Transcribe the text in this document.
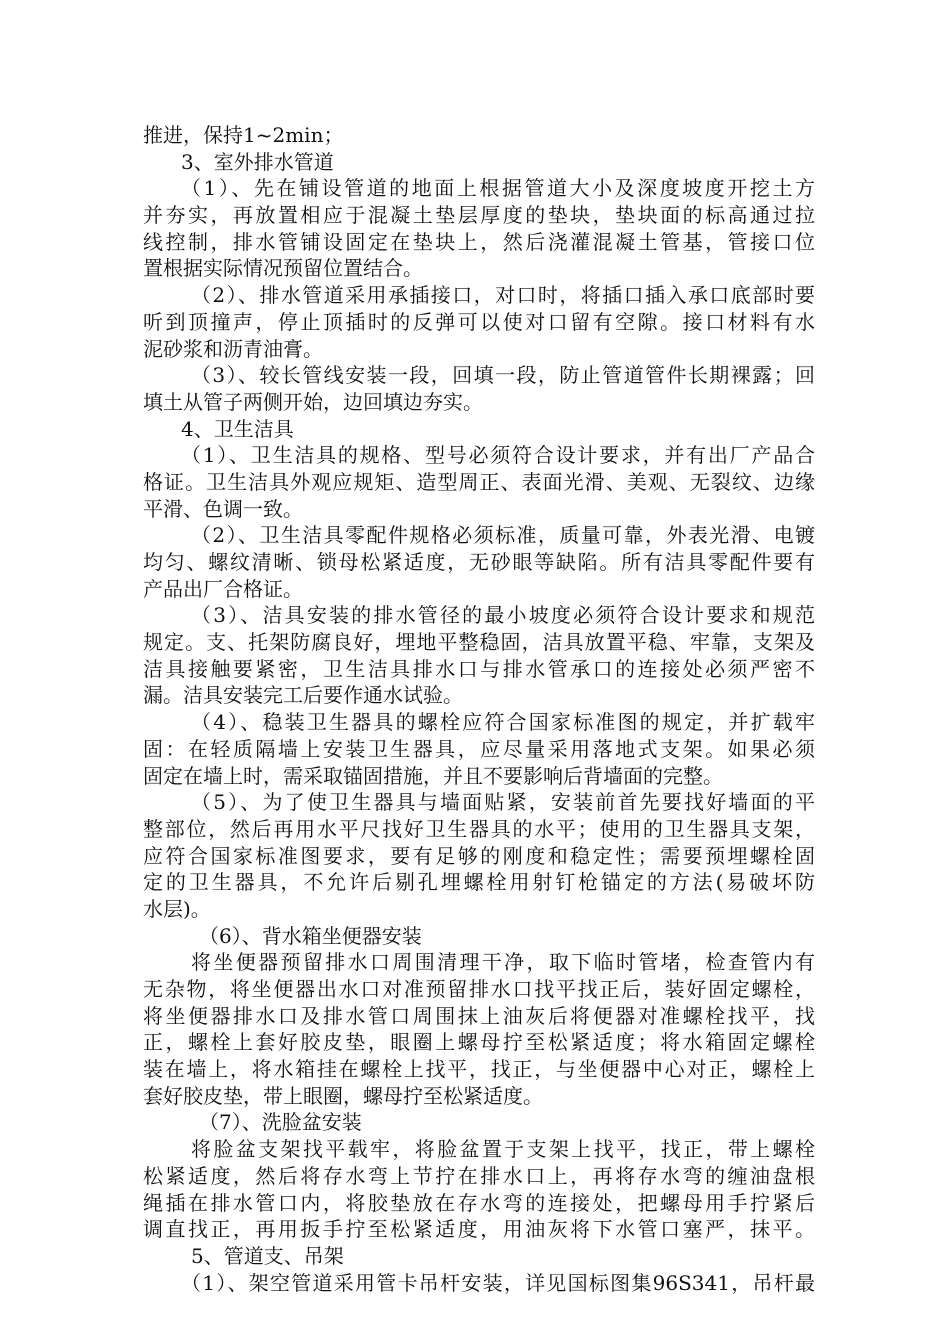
推进，保持1~2min；
3、室外排水管道
（1）、先在铺设管道的地面上根据管道大小及深度坡度开挖土方
并夯实，再放置相应于混凝土垫层厚度的垫块，垫块面的标高通过拉
线控制，排水管铺设固定在垫块上，然后浇灌混凝土管基，管接口位
置根据实际情况预留位置结合。
（2）、排水管道采用承插接口，对口时，将插口插入承口底部时要
听到顶撞声，停止顶插时的反弹可以使对口留有空隙。接口材料有水
泥砂浆和沥青油膏。
（3）、较长管线安装一段，回填一段，防止管道管件长期裸露；回
填土从管子两侧开始，边回填边夯实。
4、卫生洁具
（1）、卫生洁具的规格、型号必须符合设计要求，并有出厂产品合
格证。卫生洁具外观应规矩、造型周正、表面光滑、美观、无裂纹、边缘
平滑、色调一致。
（2）、卫生洁具零配件规格必须标准，质量可靠，外表光滑、电镀
均匀、螺纹清晰、锁母松紧适度，无砂眼等缺陷。所有洁具零配件要有
产品出厂合格证。
（3）、洁具安装的排水管径的最小坡度必须符合设计要求和规范
规定。支、托架防腐良好，埋地平整稳固，洁具放置平稳、牢靠，支架及
洁具接触要紧密，卫生洁具排水口与排水管承口的连接处必须严密不
漏。洁具安装完工后要作通水试验。
（4）、稳装卫生器具的螺栓应符合国家标准图的规定，并扩载牢
固：在轻质隔墙上安装卫生器具，应尽量采用落地式支架。如果必须
固定在墙上时，需采取锚固措施，并且不要影响后背墙面的完整。
（5）、为了使卫生器具与墙面贴紧，安装前首先要找好墙面的平
整部位，然后再用水平尺找好卫生器具的水平；使用的卫生器具支架，
应符合国家标准图要求，要有足够的刚度和稳定性；需要预埋螺栓固
定的卫生器具，不允许后剔孔埋螺栓用射钉枪锚定的方法(易破坏防
水层)。
（6）、背水箱坐便器安装
将坐便器预留排水口周围清理干净，取下临时管堵，检查管内有
无杂物，将坐便器出水口对准预留排水口找平找正后，装好固定螺栓，
将坐便器排水口及排水管口周围抹上油灰后将便器对准螺栓找平，找
正，螺栓上套好胶皮垫，眼圈上螺母拧至松紧适度；将水箱固定螺栓
装在墙上，将水箱挂在螺栓上找平，找正，与坐便器中心对正，螺栓上
套好胶皮垫，带上眼圈，螺母拧至松紧适度。
（7）、洗脸盆安装
将脸盆支架找平载牢，将脸盆置于支架上找平，找正，带上螺栓
松紧适度，然后将存水弯上节拧在排水口上，再将存水弯的缠油盘根
绳插在排水管口内，将胶垫放在存水弯的连接处，把螺母用手拧紧后
调直找正，再用扳手拧至松紧适度，用油灰将下水管口塞严，抹平。
5、管道支、吊架
（1）、架空管道采用管卡吊杆安装，详见国标图集96S341，吊杆最
